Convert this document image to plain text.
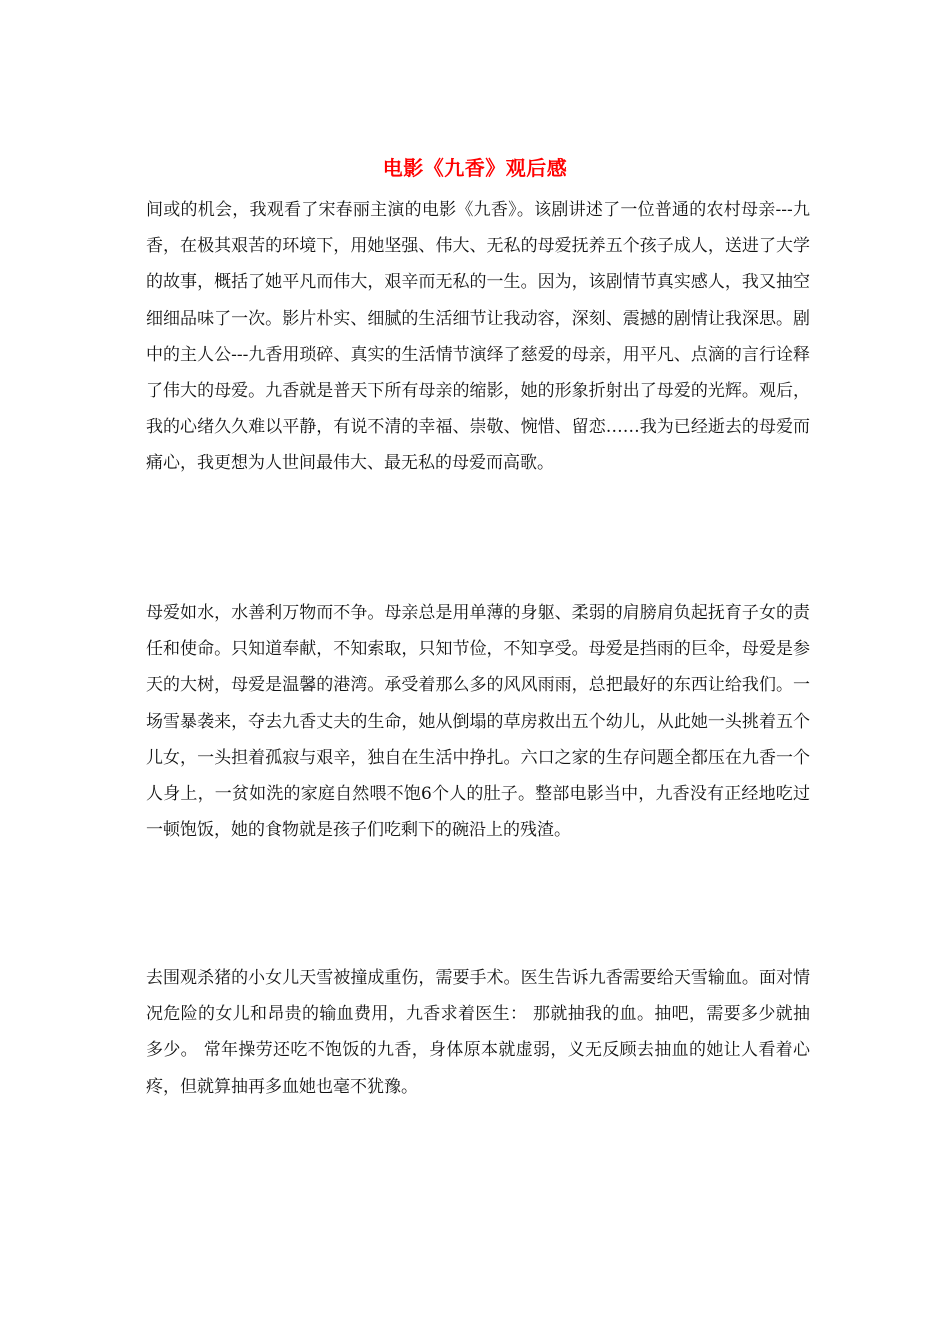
电影《九香》观后感
间或的机会，我观看了宋春丽主演的电影《九香》。该剧讲述了一位普通的农村母亲---九香，在极其艰苦的环境下，用她坚强、伟大、无私的母爱抚养五个孩子成人，送进了大学的故事，概括了她平凡而伟大，艰辛而无私的一生。因为，该剧情节真实感人，我又抽空细细品味了一次。影片朴实、细腻的生活细节让我动容，深刻、震撼的剧情让我深思。剧中的主人公---九香用琐碎、真实的生活情节演绎了慈爱的母亲，用平凡、点滴的言行诠释了伟大的母爱。九香就是普天下所有母亲的缩影，她的形象折射出了母爱的光辉。观后，我的心绪久久难以平静，有说不清的幸福、崇敬、惋惜、留恋……我为已经逝去的母爱而痛心，我更想为人世间最伟大、最无私的母爱而高歌。
母爱如水，水善利万物而不争。母亲总是用单薄的身躯、柔弱的肩膀肩负起抚育子女的责任和使命。只知道奉献，不知索取，只知节俭，不知享受。母爱是挡雨的巨伞，母爱是参天的大树，母爱是温馨的港湾。承受着那么多的风风雨雨，总把最好的东西让给我们。一场雪暴袭来，夺去九香丈夫的生命，她从倒塌的草房救出五个幼儿，从此她一头挑着五个儿女，一头担着孤寂与艰辛，独自在生活中挣扎。六口之家的生存问题全都压在九香一个人身上，一贫如洗的家庭自然喂不饱6个人的肚子。整部电影当中，九香没有正经地吃过一顿饱饭，她的食物就是孩子们吃剩下的碗沿上的残渣。
去围观杀猪的小女儿天雪被撞成重伤，需要手术。医生告诉九香需要给天雪输血。面对情况危险的女儿和昂贵的输血费用，九香求着医生： 那就抽我的血。抽吧，需要多少就抽多少。 常年操劳还吃不饱饭的九香，身体原本就虚弱，义无反顾去抽血的她让人看着心疼，但就算抽再多血她也毫不犹豫。
